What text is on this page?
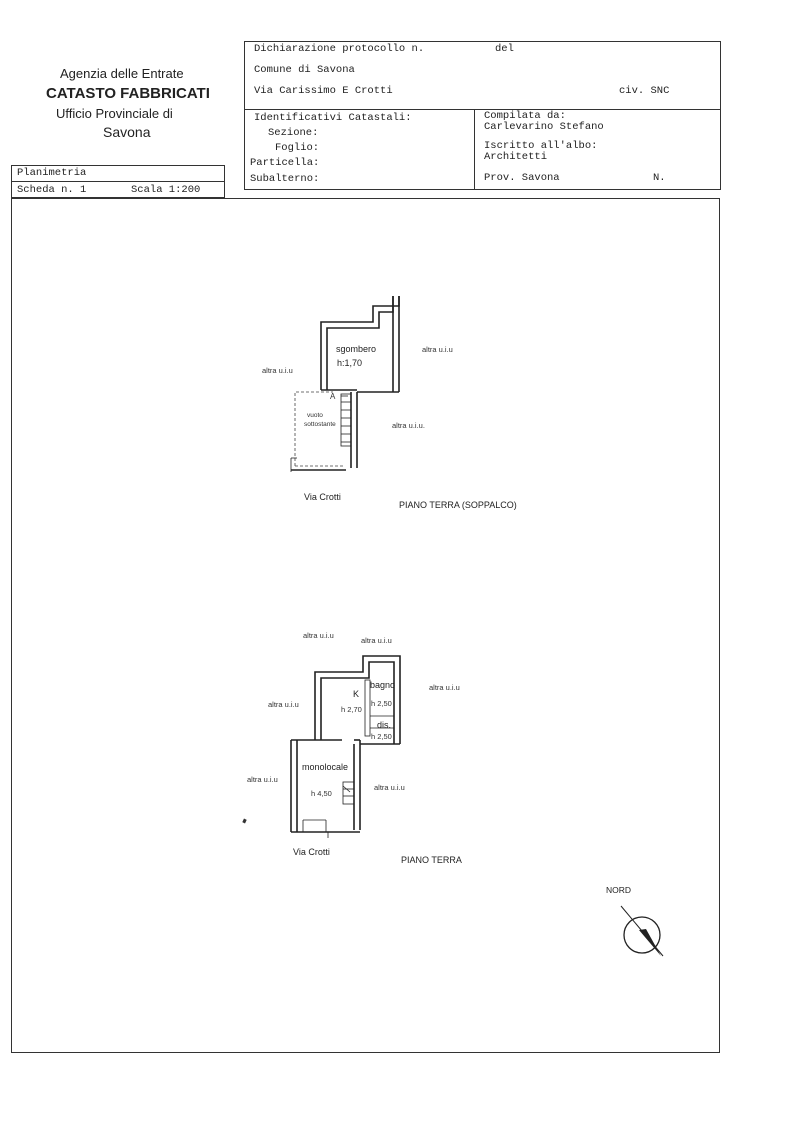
Agenzia delle Entrate
CATASTO FABBRICATI
Ufficio Provinciale di
Savona
Dichiarazione protocollo n.	del
Comune di Savona
Via Carissimo E Crotti	civ. SNC
Identificativi Catastali:
Sezione:
Foglio:
Particella:
Subalterno:
Compilata da:
Carlevarino Stefano
Iscritto all'albo:
Architetti
Prov. Savona	N.
Planimetria
Scheda n. 1	Scala 1:200
sgombero
h:1,70
vuoto
sottostante
A
altra u.i.u
altra u.i.u
altra u.i.u.
Via Crotti
PIANO TERRA (SOPPALCO)
altra u.i.u
altra u.i.u
altra u.i.u
altra u.i.u
altra u.i.u
altra u.i.u
K
h 2,70
bagno
h 2,50
dis.
h 2,50
monolocale
h 4,50
Via Crotti
PIANO TERRA
NORD
